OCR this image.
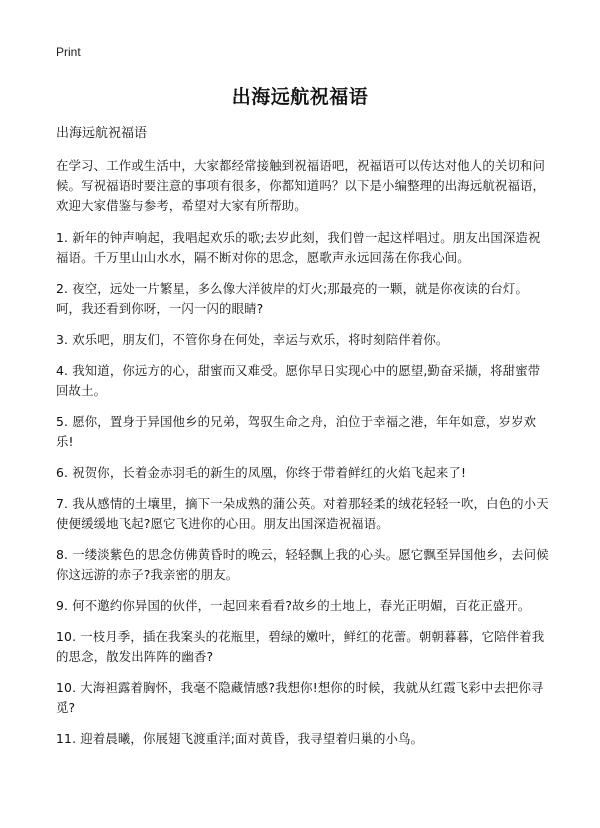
Print
出海远航祝福语

出海远航祝福语

在学习、工作或生活中，大家都经常接触到祝福语吧，祝福语可以传达对他人的关切和问候。写祝福语时要注意的事项有很多，你都知道吗？以下是小编整理的出海远航祝福语，欢迎大家借鉴与参考，希望对大家有所帮助。

1. 新年的钟声响起，我唱起欢乐的歌;去岁此刻，我们曾一起这样唱过。朋友出国深造祝福语。千万里山山水水，隔不断对你的思念，愿歌声永远回荡在你我心间。

2. 夜空，远处一片繁星，多么像大洋彼岸的灯火;那最亮的一颗，就是你夜读的台灯。呵，我还看到你呀，一闪一闪的眼睛?

3. 欢乐吧，朋友们，不管你身在何处，幸运与欢乐，将时刻陪伴着你。

4. 我知道，你远方的心，甜蜜而又难受。愿你早日实现心中的愿望,勤奋采撷，将甜蜜带回故土。

5. 愿你，置身于异国他乡的兄弟，驾驭生命之舟，泊位于幸福之港，年年如意，岁岁欢乐!

6. 祝贺你，长着金赤羽毛的新生的凤凰，你终于带着鲜红的火焰飞起来了!

7. 我从感情的土壤里，摘下一朵成熟的蒲公英。对着那轻柔的绒花轻轻一吹，白色的小天使便缓缓地飞起?愿它飞进你的心田。朋友出国深造祝福语。

8. 一缕淡紫色的思念仿佛黄昏时的晚云，轻轻飘上我的心头。愿它飘至异国他乡，去问候你这远游的赤子?我亲密的朋友。

9. 何不邀约你异国的伙伴，一起回来看看?故乡的土地上，春光正明媚，百花正盛开。

10. 一枝月季，插在我案头的花瓶里，碧绿的嫩叶，鲜红的花蕾。朝朝暮暮，它陪伴着我的思念，散发出阵阵的幽香?

10. 大海袒露着胸怀，我毫不隐藏情感?我想你!想你的时候，我就从红霞飞彩中去把你寻觅?

11. 迎着晨曦，你展翅飞渡重洋;面对黄昏，我寻望着归巢的小鸟。
